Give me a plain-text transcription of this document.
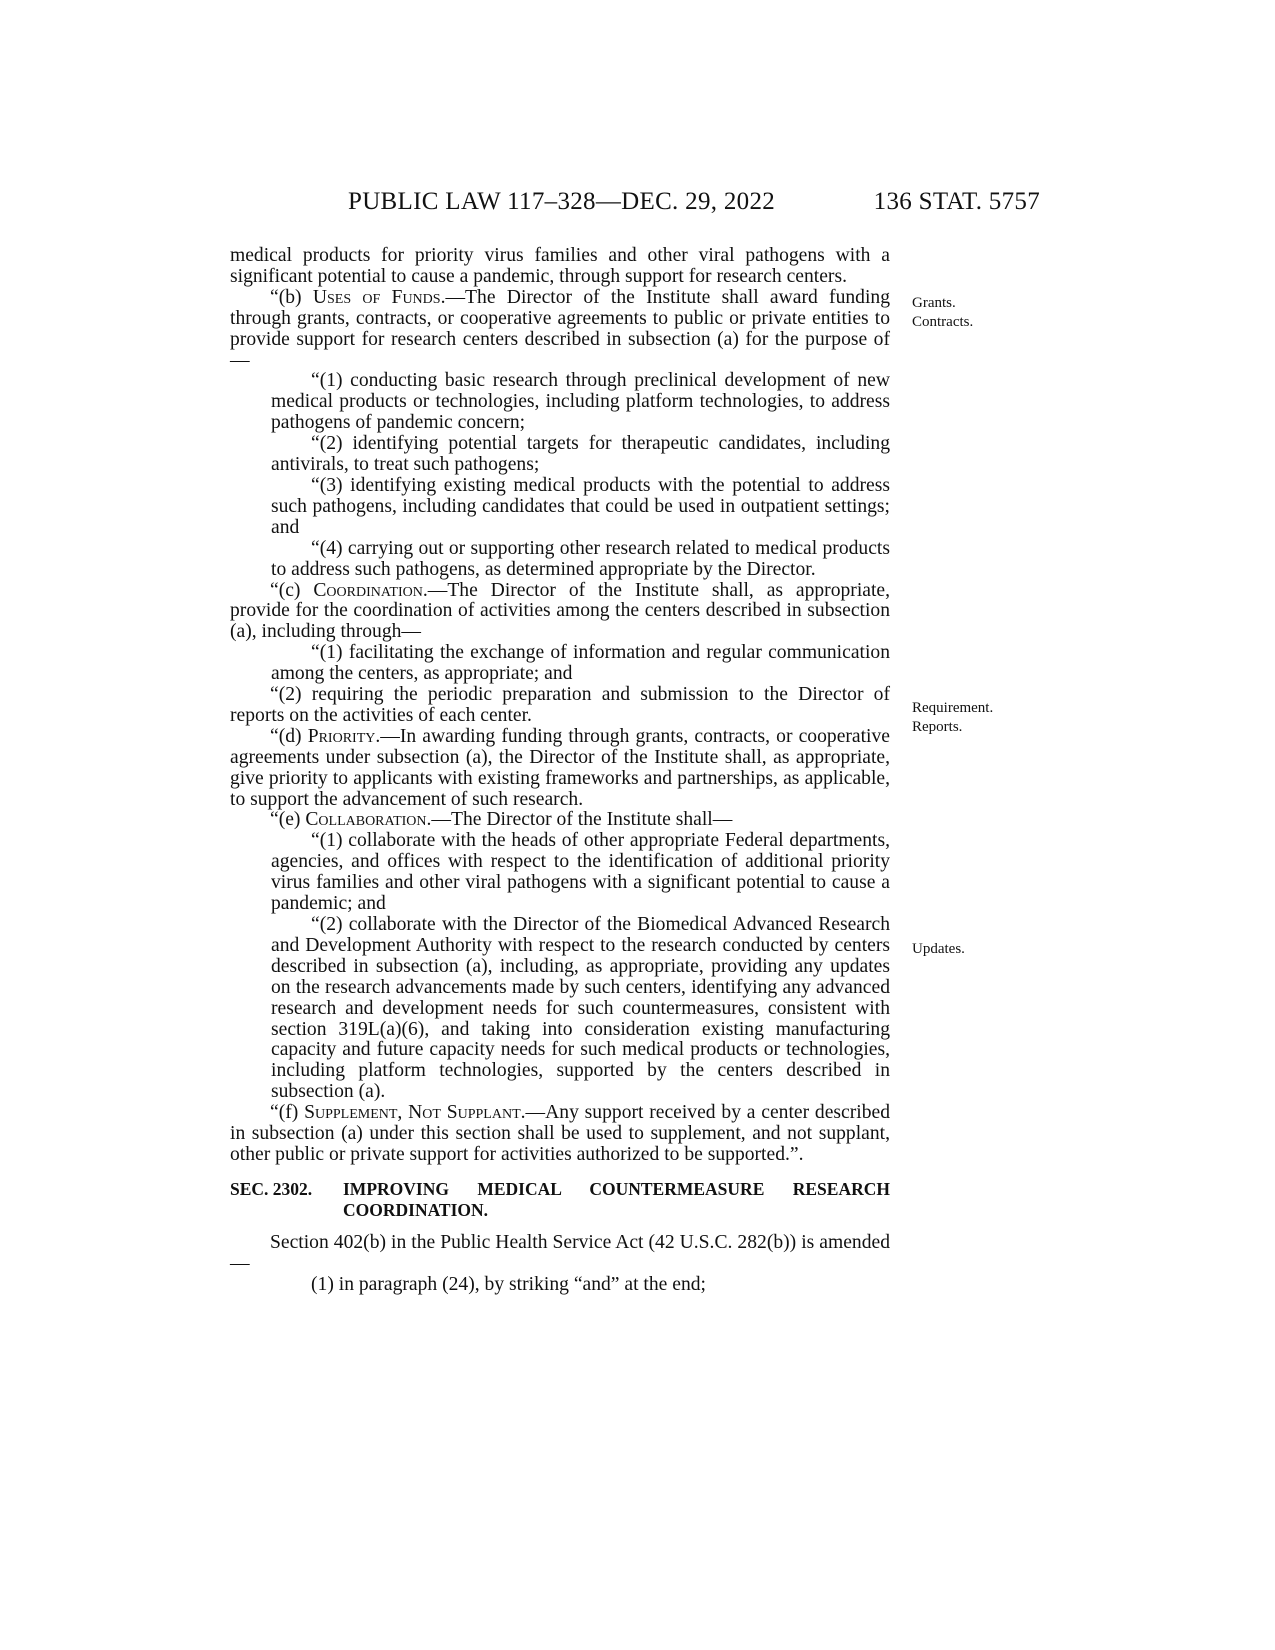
PUBLIC LAW 117–328—DEC. 29, 2022	136 STAT. 5757

medical products for priority virus families and other viral pathogens with a significant potential to cause a pandemic, through support for research centers.

“(b) Uses of Funds.—The Director of the Institute shall award funding through grants, contracts, or cooperative agreements to public or private entities to provide support for research centers described in subsection (a) for the purpose of—

“(1) conducting basic research through preclinical development of new medical products or technologies, including platform technologies, to address pathogens of pandemic concern;

“(2) identifying potential targets for therapeutic candidates, including antivirals, to treat such pathogens;

“(3) identifying existing medical products with the potential to address such pathogens, including candidates that could be used in outpatient settings; and

“(4) carrying out or supporting other research related to medical products to address such pathogens, as determined appropriate by the Director.

“(c) Coordination.—The Director of the Institute shall, as appropriate, provide for the coordination of activities among the centers described in subsection (a), including through—

“(1) facilitating the exchange of information and regular communication among the centers, as appropriate; and

“(2) requiring the periodic preparation and submission to the Director of reports on the activities of each center.

“(d) Priority.—In awarding funding through grants, contracts, or cooperative agreements under subsection (a), the Director of the Institute shall, as appropriate, give priority to applicants with existing frameworks and partnerships, as applicable, to support the advancement of such research.

“(e) Collaboration.—The Director of the Institute shall—

“(1) collaborate with the heads of other appropriate Federal departments, agencies, and offices with respect to the identification of additional priority virus families and other viral pathogens with a significant potential to cause a pandemic; and

“(2) collaborate with the Director of the Biomedical Advanced Research and Development Authority with respect to the research conducted by centers described in subsection (a), including, as appropriate, providing any updates on the research advancements made by such centers, identifying any advanced research and development needs for such countermeasures, consistent with section 319L(a)(6), and taking into consideration existing manufacturing capacity and future capacity needs for such medical products or technologies, including platform technologies, supported by the centers described in subsection (a).

“(f) Supplement, Not Supplant.—Any support received by a center described in subsection (a) under this section shall be used to supplement, and not supplant, other public or private support for activities authorized to be supported.”.

SEC. 2302.	IMPROVING MEDICAL COUNTERMEASURE RESEARCH COORDINATION.

Section 402(b) in the Public Health Service Act (42 U.S.C. 282(b)) is amended—

(1) in paragraph (24), by striking “and” at the end;

Grants.
Contracts.
Requirement.
Reports.
Updates.
